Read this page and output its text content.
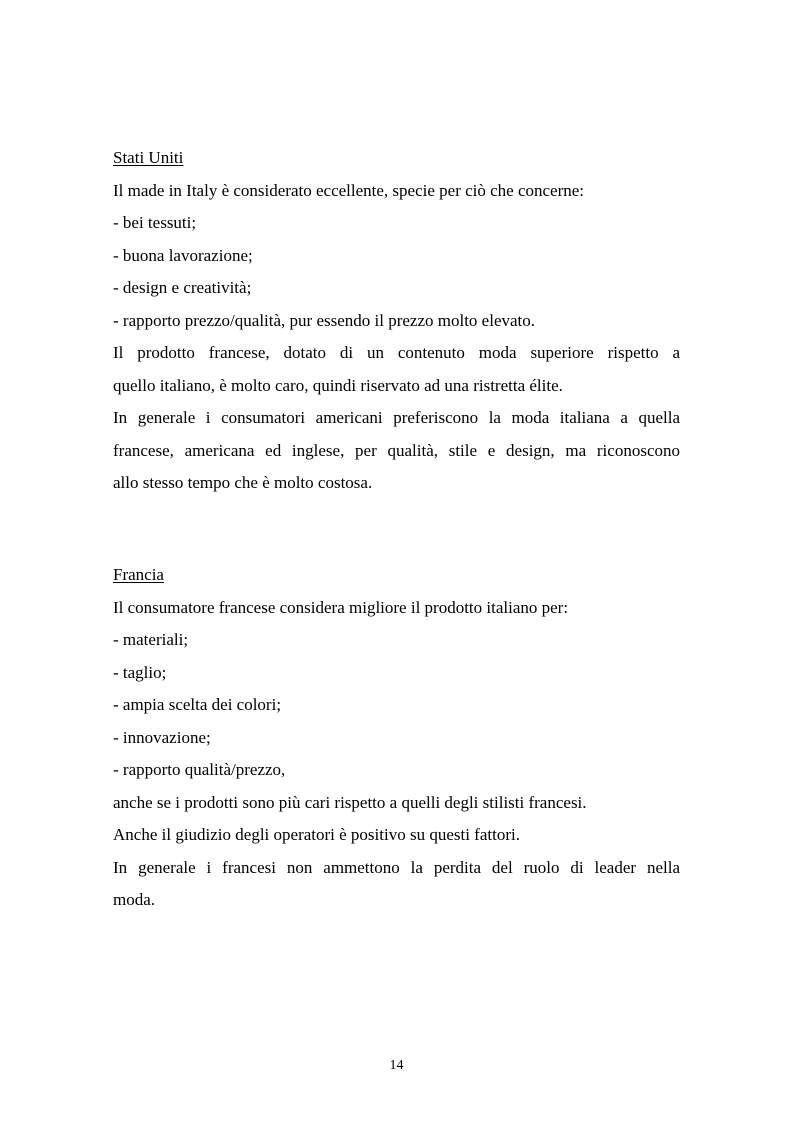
Stati Uniti
Il made in Italy è considerato eccellente, specie per ciò che concerne:
- bei tessuti;
- buona lavorazione;
- design e creatività;
- rapporto prezzo/qualità, pur essendo il prezzo molto elevato.
Il prodotto francese, dotato di un contenuto moda superiore rispetto a
quello italiano, è molto caro, quindi riservato ad una ristretta élite.
In generale i consumatori americani preferiscono la moda italiana a quella
francese, americana ed inglese, per qualità, stile e design, ma riconoscono
allo stesso tempo che è molto costosa.
Francia
Il consumatore francese considera migliore il prodotto italiano per:
- materiali;
- taglio;
- ampia scelta dei colori;
- innovazione;
- rapporto qualità/prezzo,
anche se i prodotti sono più cari rispetto a quelli degli stilisti francesi.
Anche il giudizio degli operatori è positivo su questi fattori.
In generale i francesi non ammettono la perdita del ruolo di leader nella
moda.
14
